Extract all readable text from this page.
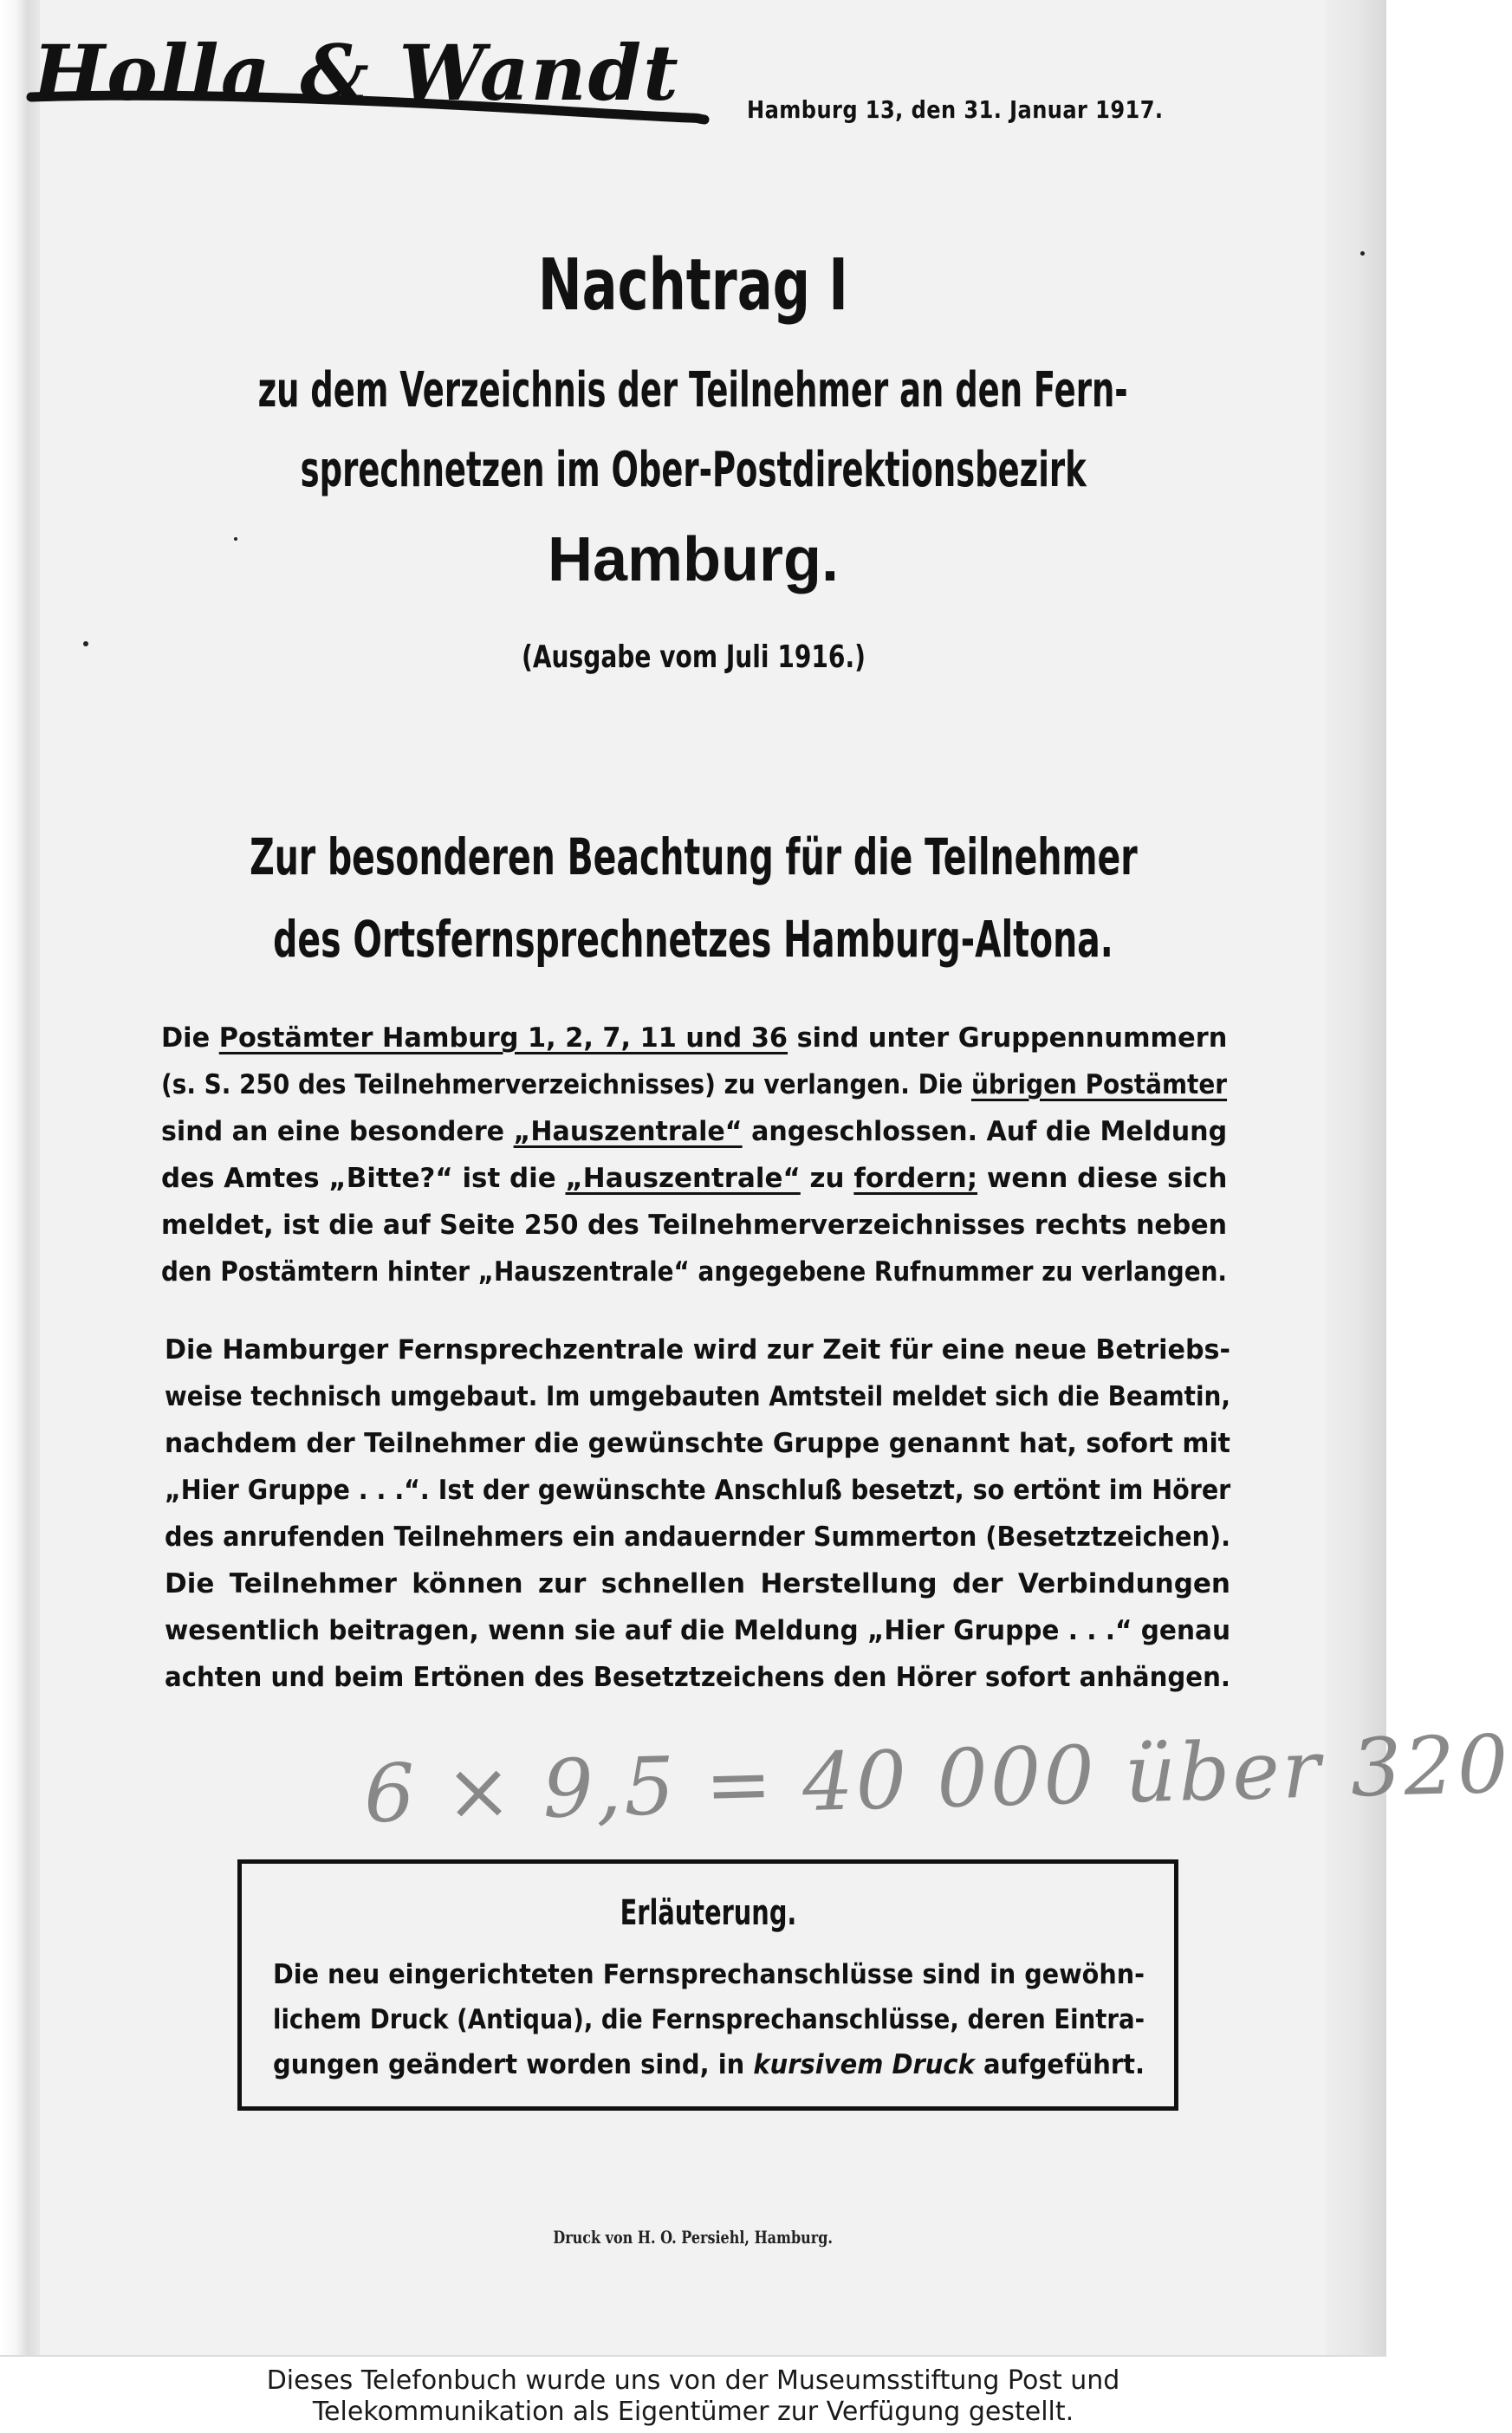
Holla & Wandt	Hamburg 13, den 31. Januar 1917.
Nachtrag I
zu dem Verzeichnis der Teilnehmer an den Fern-
sprechnetzen im Ober-Postdirektionsbezirk
Hamburg.
(Ausgabe vom Juli 1916.)
Zur besonderen Beachtung für die Teilnehmer
des Ortsfernsprechnetzes Hamburg-Altona.
Die Postämter Hamburg 1, 2, 7, 11 und 36 sind unter Gruppennummern
(s. S. 250 des Teilnehmerverzeichnisses) zu verlangen. Die übrigen Postämter
sind an eine besondere „Hauszentrale“ angeschlossen. Auf die Meldung
des Amtes „Bitte?“ ist die „Hauszentrale“ zu fordern; wenn diese sich
meldet, ist die auf Seite 250 des Teilnehmerverzeichnisses rechts neben
den Postämtern hinter „Hauszentrale“ angegebene Rufnummer zu verlangen.
Die Hamburger Fernsprechzentrale wird zur Zeit für eine neue Betriebs-
weise technisch umgebaut. Im umgebauten Amtsteil meldet sich die Beamtin,
nachdem der Teilnehmer die gewünschte Gruppe genannt hat, sofort mit
„Hier Gruppe . . .“. Ist der gewünschte Anschluß besetzt, so ertönt im Hörer
des anrufenden Teilnehmers ein andauernder Summerton (Besetztzeichen).
Die Teilnehmer können zur schnellen Herstellung der Verbindungen
wesentlich beitragen, wenn sie auf die Meldung „Hier Gruppe . . .“ genau
achten und beim Ertönen des Besetztzeichens den Hörer sofort anhängen.
6 × 9,5 = 40 000 über 320
Erläuterung.
Die neu eingerichteten Fernsprechanschlüsse sind in gewöhn-
lichem Druck (Antiqua), die Fernsprechanschlüsse, deren Eintra-
gungen geändert worden sind, in kursivem Druck aufgeführt.
Druck von H. O. Persiehl, Hamburg.
Dieses Telefonbuch wurde uns von der Museumsstiftung Post und
Telekommunikation als Eigentümer zur Verfügung gestellt.
